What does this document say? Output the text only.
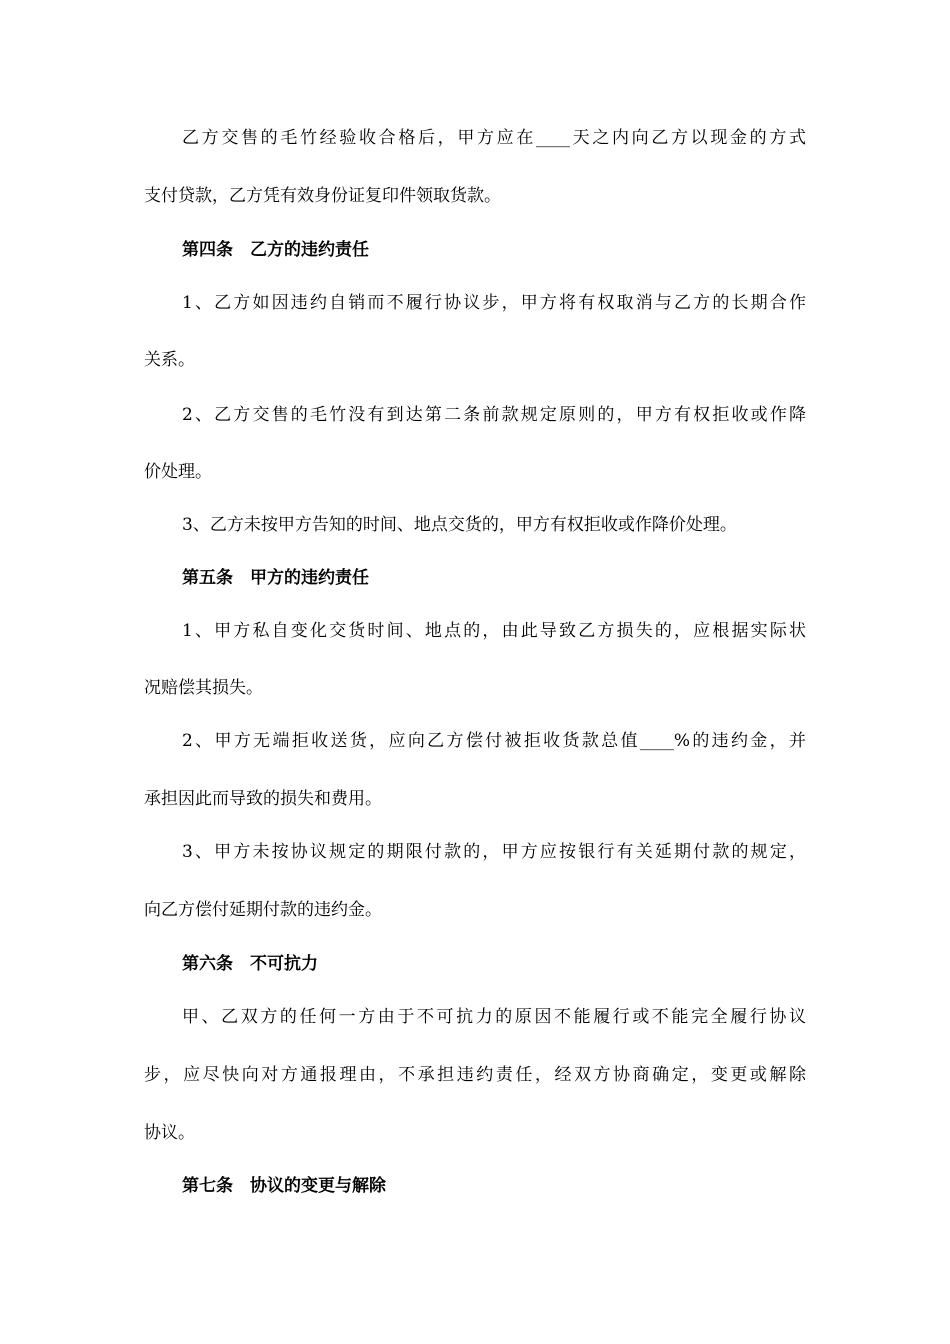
乙方交售的毛竹经验收合格后，甲方应在____天之内向乙方以现金的方式
支付贷款，乙方凭有效身份证复印件领取货款。
第四条　乙方的违约责任
1、乙方如因违约自销而不履行协议步，甲方将有权取消与乙方的长期合作
关系。
2、乙方交售的毛竹没有到达第二条前款规定原则的，甲方有权拒收或作降
价处理。
3、乙方未按甲方告知的时间、地点交货的，甲方有权拒收或作降价处理。
第五条　甲方的违约责任
1、甲方私自变化交货时间、地点的，由此导致乙方损失的，应根据实际状
况赔偿其损失。
2、甲方无端拒收送货，应向乙方偿付被拒收货款总值____%的违约金，并
承担因此而导致的损失和费用。
3、甲方未按协议规定的期限付款的，甲方应按银行有关延期付款的规定，
向乙方偿付延期付款的违约金。
第六条　不可抗力
甲、乙双方的任何一方由于不可抗力的原因不能履行或不能完全履行协议
步，应尽快向对方通报理由，不承担违约责任，经双方协商确定，变更或解除
协议。
第七条　协议的变更与解除
